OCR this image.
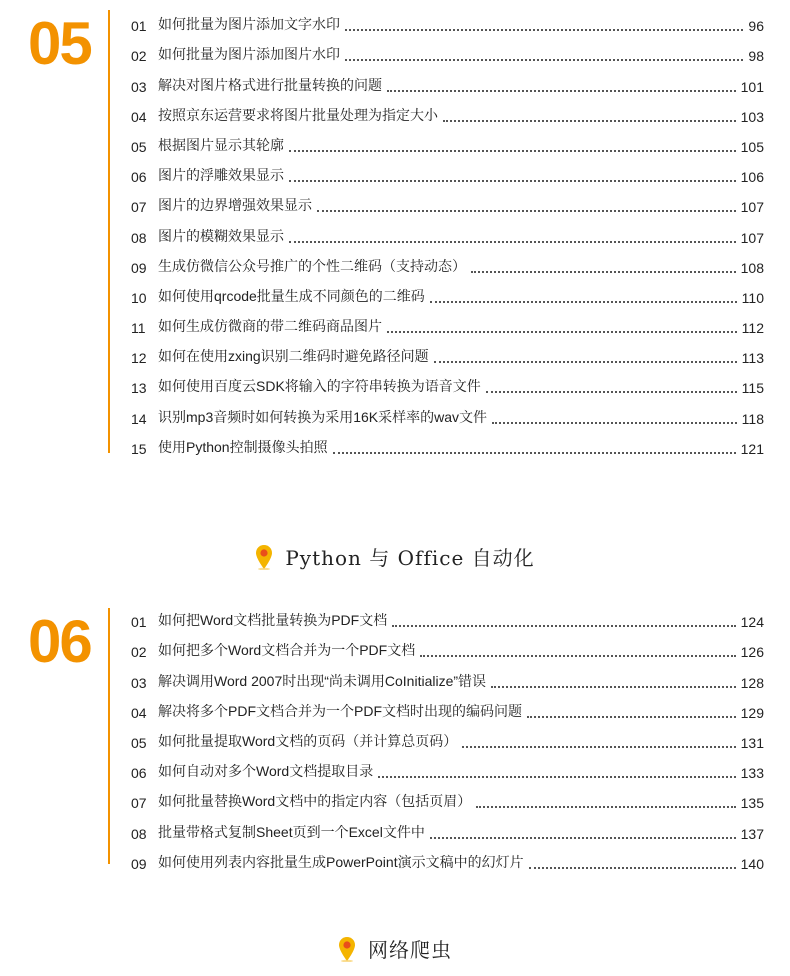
05	01 如何批量为图片添加文字水印	96
02 如何批量为图片添加图片水印	98
03 解决对图片格式进行批量转换的问题	101
04 按照京东运营要求将图片批量处理为指定大小	103
05 根据图片显示其轮廓	105
06 图片的浮雕效果显示	106
07 图片的边界增强效果显示	107
08 图片的模糊效果显示	107
09 生成仿微信公众号推广的个性二维码（支持动态）	108
10 如何使用qrcode批量生成不同颜色的二维码	110
11 如何生成仿微商的带二维码商品图片	112
12 如何在使用zxing识别二维码时避免路径问题	113
13 如何使用百度云SDK将输入的字符串转换为语音文件	115
14 识别mp3音频时如何转换为采用16K采样率的wav文件	118
15 使用Python控制摄像头拍照	121
Python 与 Office 自动化
06	01 如何把Word文档批量转换为PDF文档	124
02 如何把多个Word文档合并为一个PDF文档	126
03 解决调用Word 2007时出现“尚未调用CoInitialize”错误	128
04 解决将多个PDF文档合并为一个PDF文档时出现的编码问题	129
05 如何批量提取Word文档的页码（并计算总页码）	131
06 如何自动对多个Word文档提取目录	133
07 如何批量替换Word文档中的指定内容（包括页眉）	135
08 批量带格式复制Sheet页到一个Excel文件中	137
09 如何使用列表内容批量生成PowerPoint演示文稿中的幻灯片	140
网络爬虫
